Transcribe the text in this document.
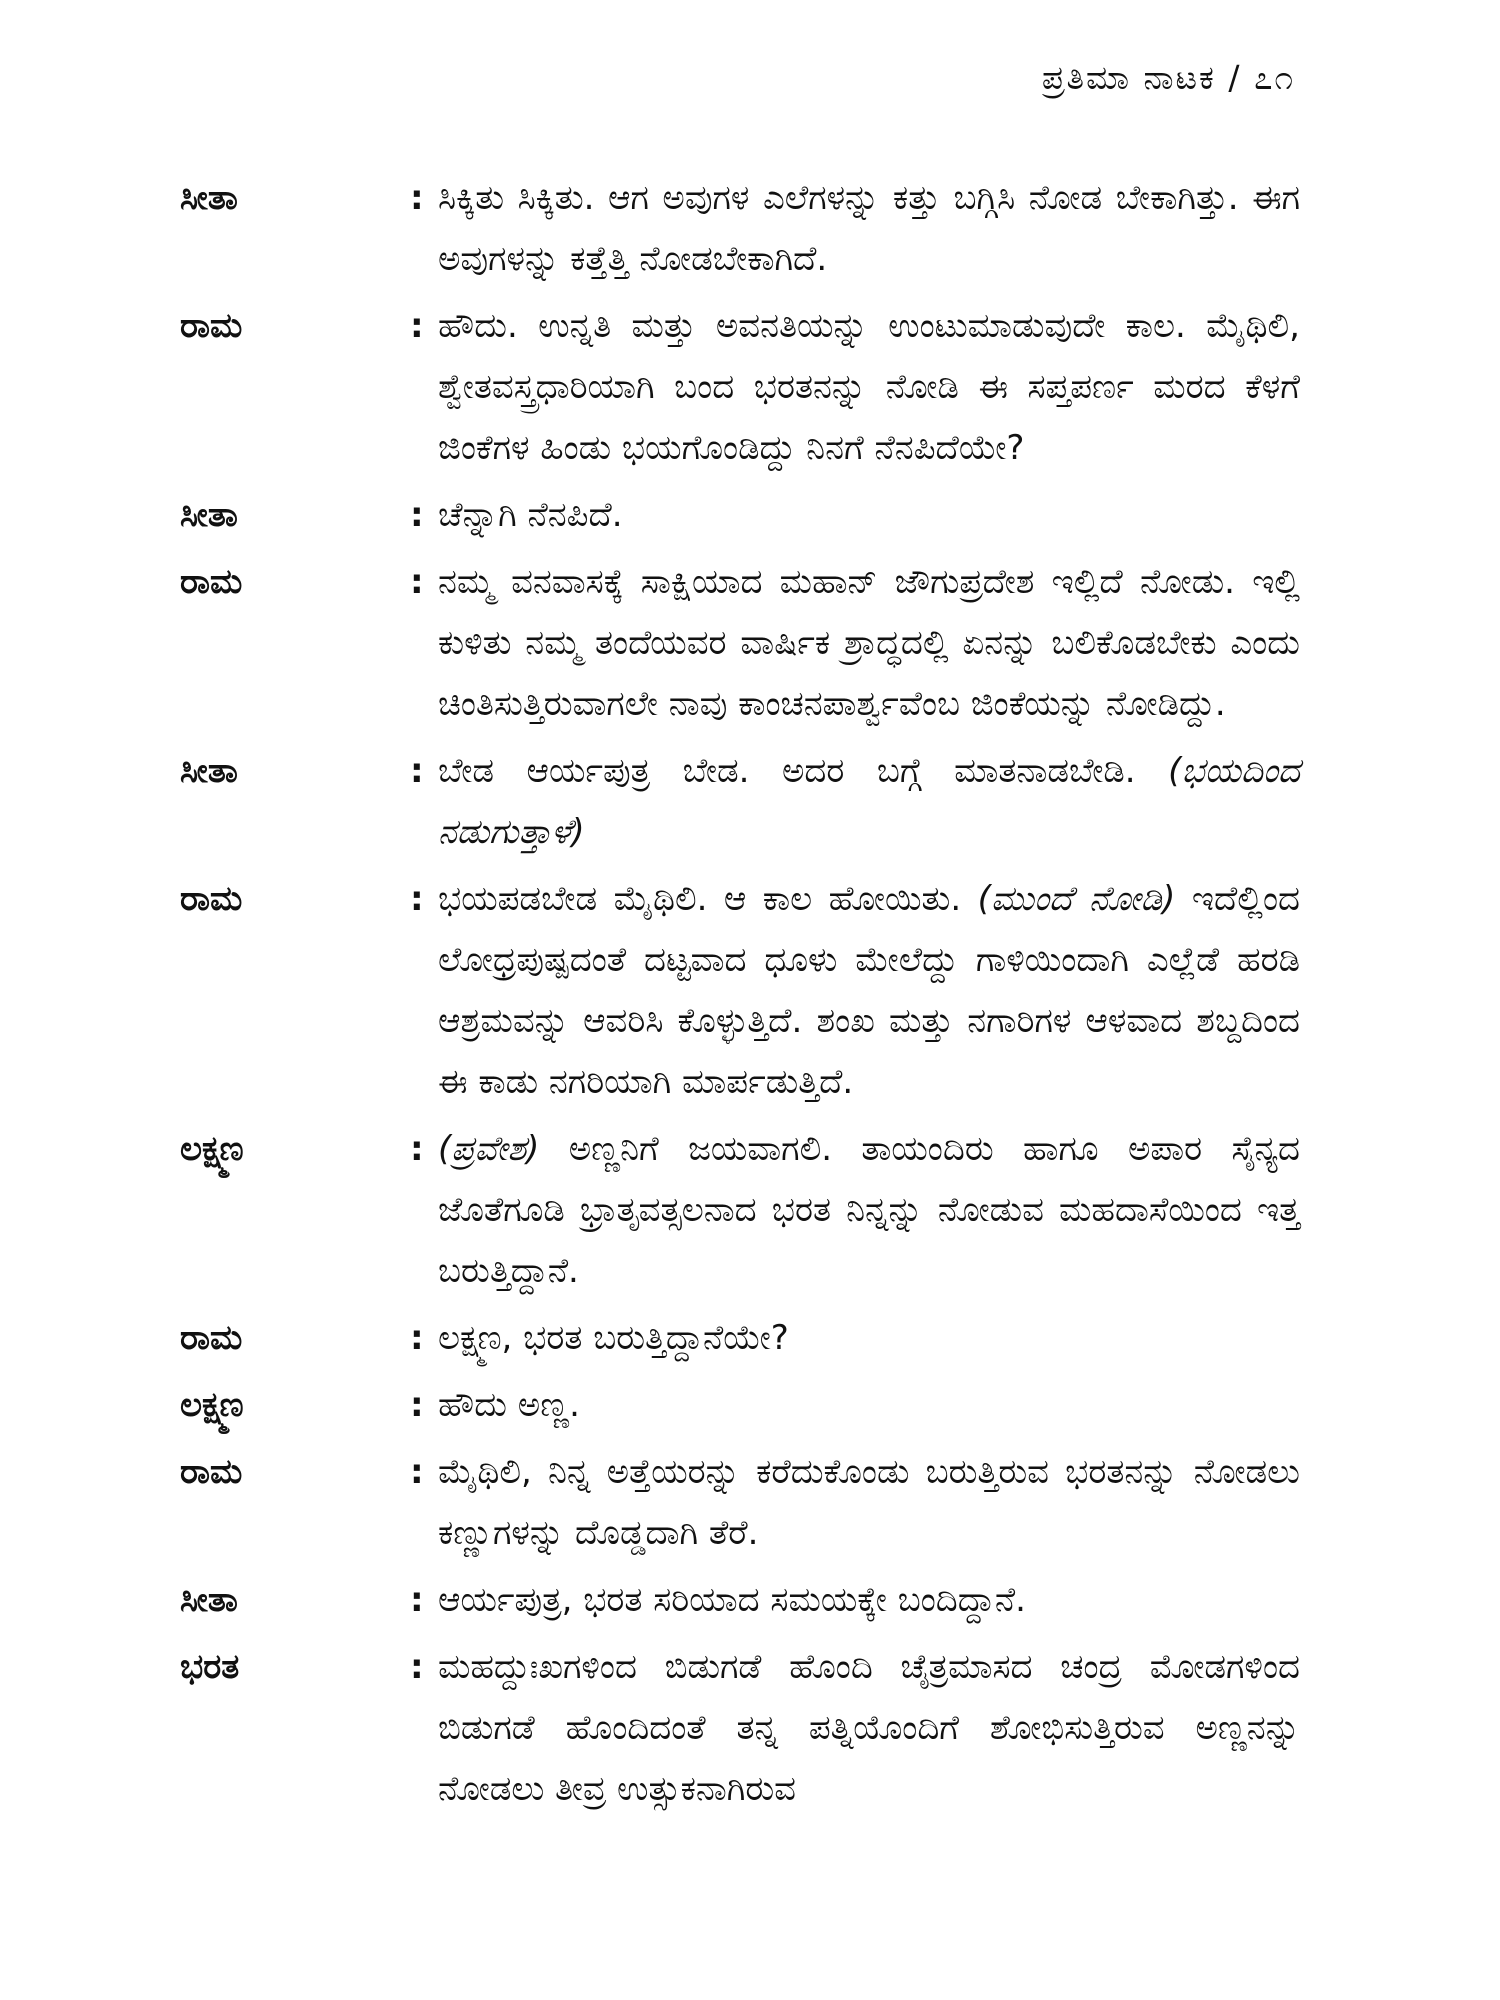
ಪ್ರತಿಮಾ ನಾಟಕ / ೭೧
ಸೀತಾ	: ಸಿಕ್ಕಿತು ಸಿಕ್ಕಿತು. ಆಗ ಅವುಗಳ ಎಲೆಗಳನ್ನು ಕತ್ತು ಬಗ್ಗಿಸಿ ನೋಡ ಬೇಕಾಗಿತ್ತು. ಈಗ ಅವುಗಳನ್ನು ಕತ್ತೆತ್ತಿ ನೋಡಬೇಕಾಗಿದೆ.
ರಾಮ	: ಹೌದು. ಉನ್ನತಿ ಮತ್ತು ಅವನತಿಯನ್ನು ಉಂಟುಮಾಡುವುದೇ ಕಾಲ. ಮೈಥಿಲಿ, ಶ್ವೇತವಸ್ತ್ರಧಾರಿಯಾಗಿ ಬಂದ ಭರತನನ್ನು ನೋಡಿ ಈ ಸಪ್ತಪರ್ಣ ಮರದ ಕೆಳಗೆ ಜಿಂಕೆಗಳ ಹಿಂಡು ಭಯಗೊಂಡಿದ್ದು ನಿನಗೆ ನೆನಪಿದೆಯೇ?
ಸೀತಾ	: ಚೆನ್ನಾಗಿ ನೆನಪಿದೆ.
ರಾಮ	: ನಮ್ಮ ವನವಾಸಕ್ಕೆ ಸಾಕ್ಷಿಯಾದ ಮಹಾನ್ ಜೌಗುಪ್ರದೇಶ ಇಲ್ಲಿದೆ ನೋಡು. ಇಲ್ಲಿ ಕುಳಿತು ನಮ್ಮ ತಂದೆಯವರ ವಾರ್ಷಿಕ ಶ್ರಾದ್ಧದಲ್ಲಿ ಏನನ್ನು ಬಲಿಕೊಡಬೇಕು ಎಂದು ಚಿಂತಿಸುತ್ತಿರುವಾಗಲೇ ನಾವು ಕಾಂಚನಪಾರ್ಶ್ವವೆಂಬ ಜಿಂಕೆಯನ್ನು ನೋಡಿದ್ದು.
ಸೀತಾ	: ಬೇಡ ಆರ್ಯಪುತ್ರ ಬೇಡ. ಅದರ ಬಗ್ಗೆ ಮಾತನಾಡಬೇಡಿ. (ಭಯದಿಂದ ನಡುಗುತ್ತಾಳೆ)
ರಾಮ	: ಭಯಪಡಬೇಡ ಮೈಥಿಲಿ. ಆ ಕಾಲ ಹೋಯಿತು. (ಮುಂದೆ ನೋಡಿ) ಇದೆಲ್ಲಿಂದ ಲೋಧ್ರಪುಷ್ಪದಂತೆ ದಟ್ಟವಾದ ಧೂಳು ಮೇಲೆದ್ದು ಗಾಳಿಯಿಂದಾಗಿ ಎಲ್ಲೆಡೆ ಹರಡಿ ಆಶ್ರಮವನ್ನು ಆವರಿಸಿ ಕೊಳ್ಳುತ್ತಿದೆ. ಶಂಖ ಮತ್ತು ನಗಾರಿಗಳ ಆಳವಾದ ಶಬ್ದದಿಂದ ಈ ಕಾಡು ನಗರಿಯಾಗಿ ಮಾರ್ಪಡುತ್ತಿದೆ.
ಲಕ್ಷ್ಮಣ	: (ಪ್ರವೇಶ) ಅಣ್ಣನಿಗೆ ಜಯವಾಗಲಿ. ತಾಯಂದಿರು ಹಾಗೂ ಅಪಾರ ಸೈನ್ಯದ ಜೊತೆಗೂಡಿ ಭ್ರಾತೃವತ್ಸಲನಾದ ಭರತ ನಿನ್ನನ್ನು ನೋಡುವ ಮಹದಾಸೆಯಿಂದ ಇತ್ತ ಬರುತ್ತಿದ್ದಾನೆ.
ರಾಮ	: ಲಕ್ಷ್ಮಣ, ಭರತ ಬರುತ್ತಿದ್ದಾನೆಯೇ?
ಲಕ್ಷ್ಮಣ	: ಹೌದು ಅಣ್ಣ.
ರಾಮ	: ಮೈಥಿಲಿ, ನಿನ್ನ ಅತ್ತೆಯರನ್ನು ಕರೆದುಕೊಂಡು ಬರುತ್ತಿರುವ ಭರತನನ್ನು ನೋಡಲು ಕಣ್ಣುಗಳನ್ನು ದೊಡ್ಡದಾಗಿ ತೆರೆ.
ಸೀತಾ	: ಆರ್ಯಪುತ್ರ, ಭರತ ಸರಿಯಾದ ಸಮಯಕ್ಕೇ ಬಂದಿದ್ದಾನೆ.
ಭರತ	: ಮಹದ್ದುಃಖಗಳಿಂದ ಬಿಡುಗಡೆ ಹೊಂದಿ ಚೈತ್ರಮಾಸದ ಚಂದ್ರ ಮೋಡಗಳಿಂದ ಬಿಡುಗಡೆ ಹೊಂದಿದಂತೆ ತನ್ನ ಪತ್ನಿಯೊಂದಿಗೆ ಶೋಭಿಸುತ್ತಿರುವ ಅಣ್ಣನನ್ನು ನೋಡಲು ತೀವ್ರ ಉತ್ಸುಕನಾಗಿರುವ
